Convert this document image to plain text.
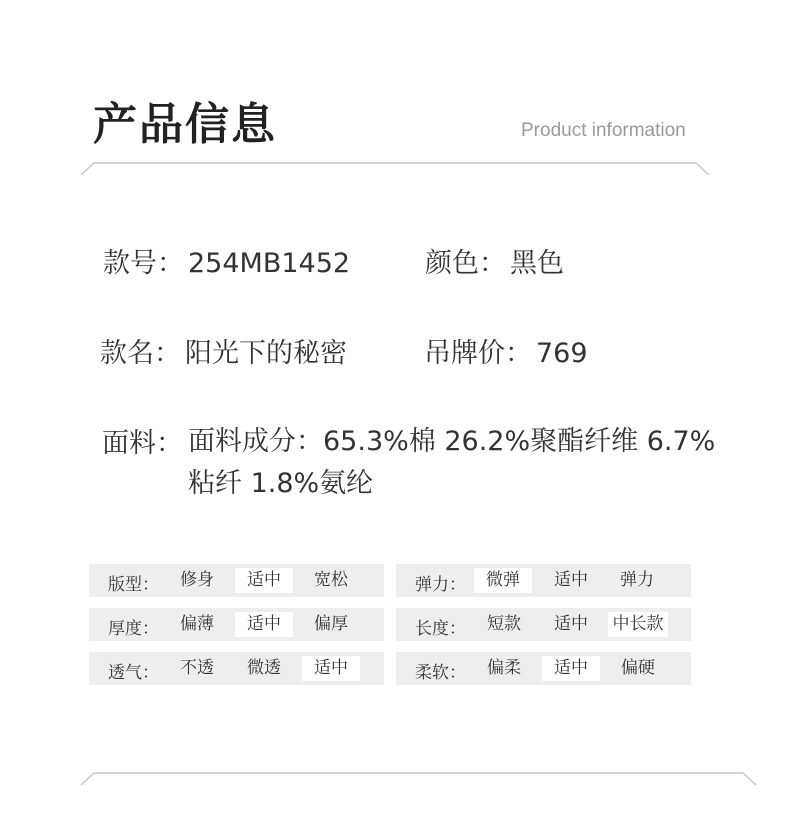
产品信息	Product information
款号： 254MB1452	颜色： 黑色
款名： 阳光下的秘密	吊牌价： 769
面料： 面料成分：65.3%棉 26.2%聚酯纤维 6.7%粘纤 1.8%氨纶
版型：	修身	适中	宽松	弹力：	微弹	适中	弹力
厚度：	偏薄	适中	偏厚	长度：	短款	适中	中长款
透气：	不透	微透	适中	柔软：	偏柔	适中	偏硬
